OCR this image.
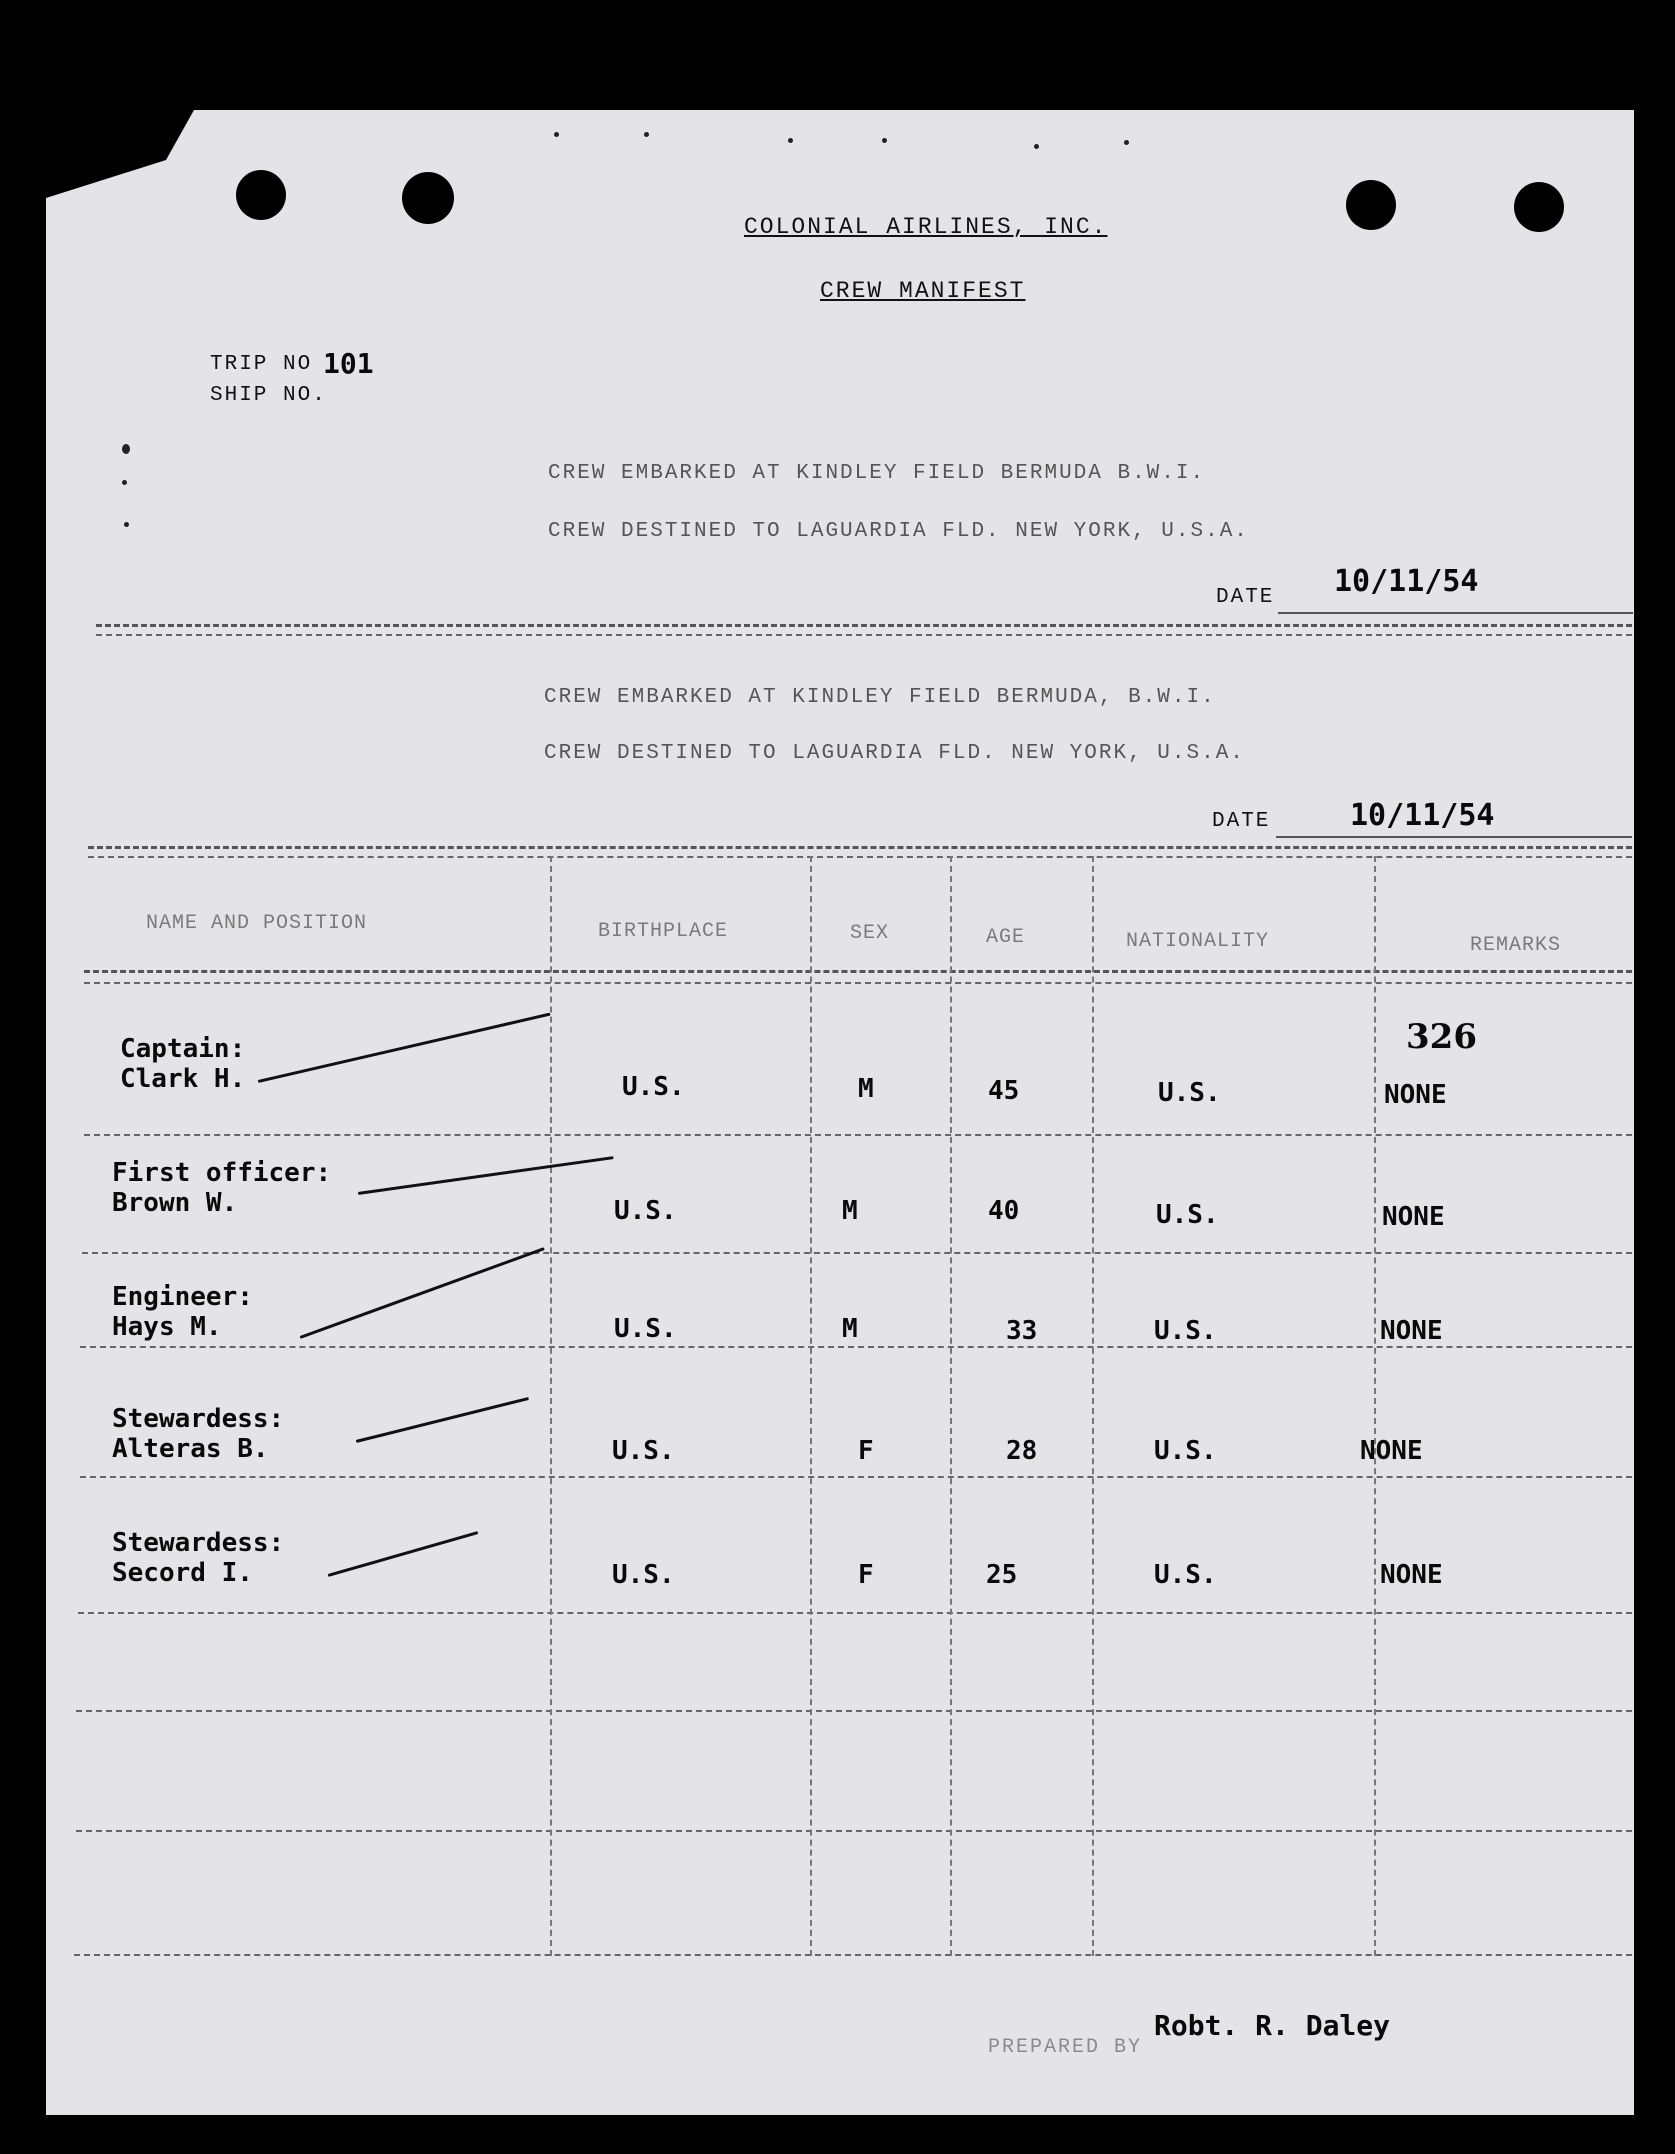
COLONIAL AIRLINES, INC.
CREW MANIFEST
TRIP NO 101
SHIP NO.
CREW EMBARKED AT KINDLEY FIELD BERMUDA B.W.I.
CREW DESTINED TO LAGUARDIA FLD. NEW YORK, U.S.A.
DATE 10/11/54
CREW EMBARKED AT KINDLEY FIELD BERMUDA, B.W.I.
CREW DESTINED TO LAGUARDIA FLD. NEW YORK, U.S.A.
DATE	10/11/54
NAME AND POSITION	BIRTHPLACE	SEX	AGE	NATIONALITY	REMARKS
326
Captain:
Clark H.	U.S.	M	45	U.S.	NONE
First officer:
Brown W.	U.S.	M	40	U.S.	NONE
Engineer:
Hays M.	U.S.	M	33	U.S.	NONE
Stewardess:
Alteras B.	U.S.	F	28	U.S.	NONE
Stewardess:
Secord I.	U.S.	F	25	U.S.	NONE
PREPARED BY
Robt. R. Daley
